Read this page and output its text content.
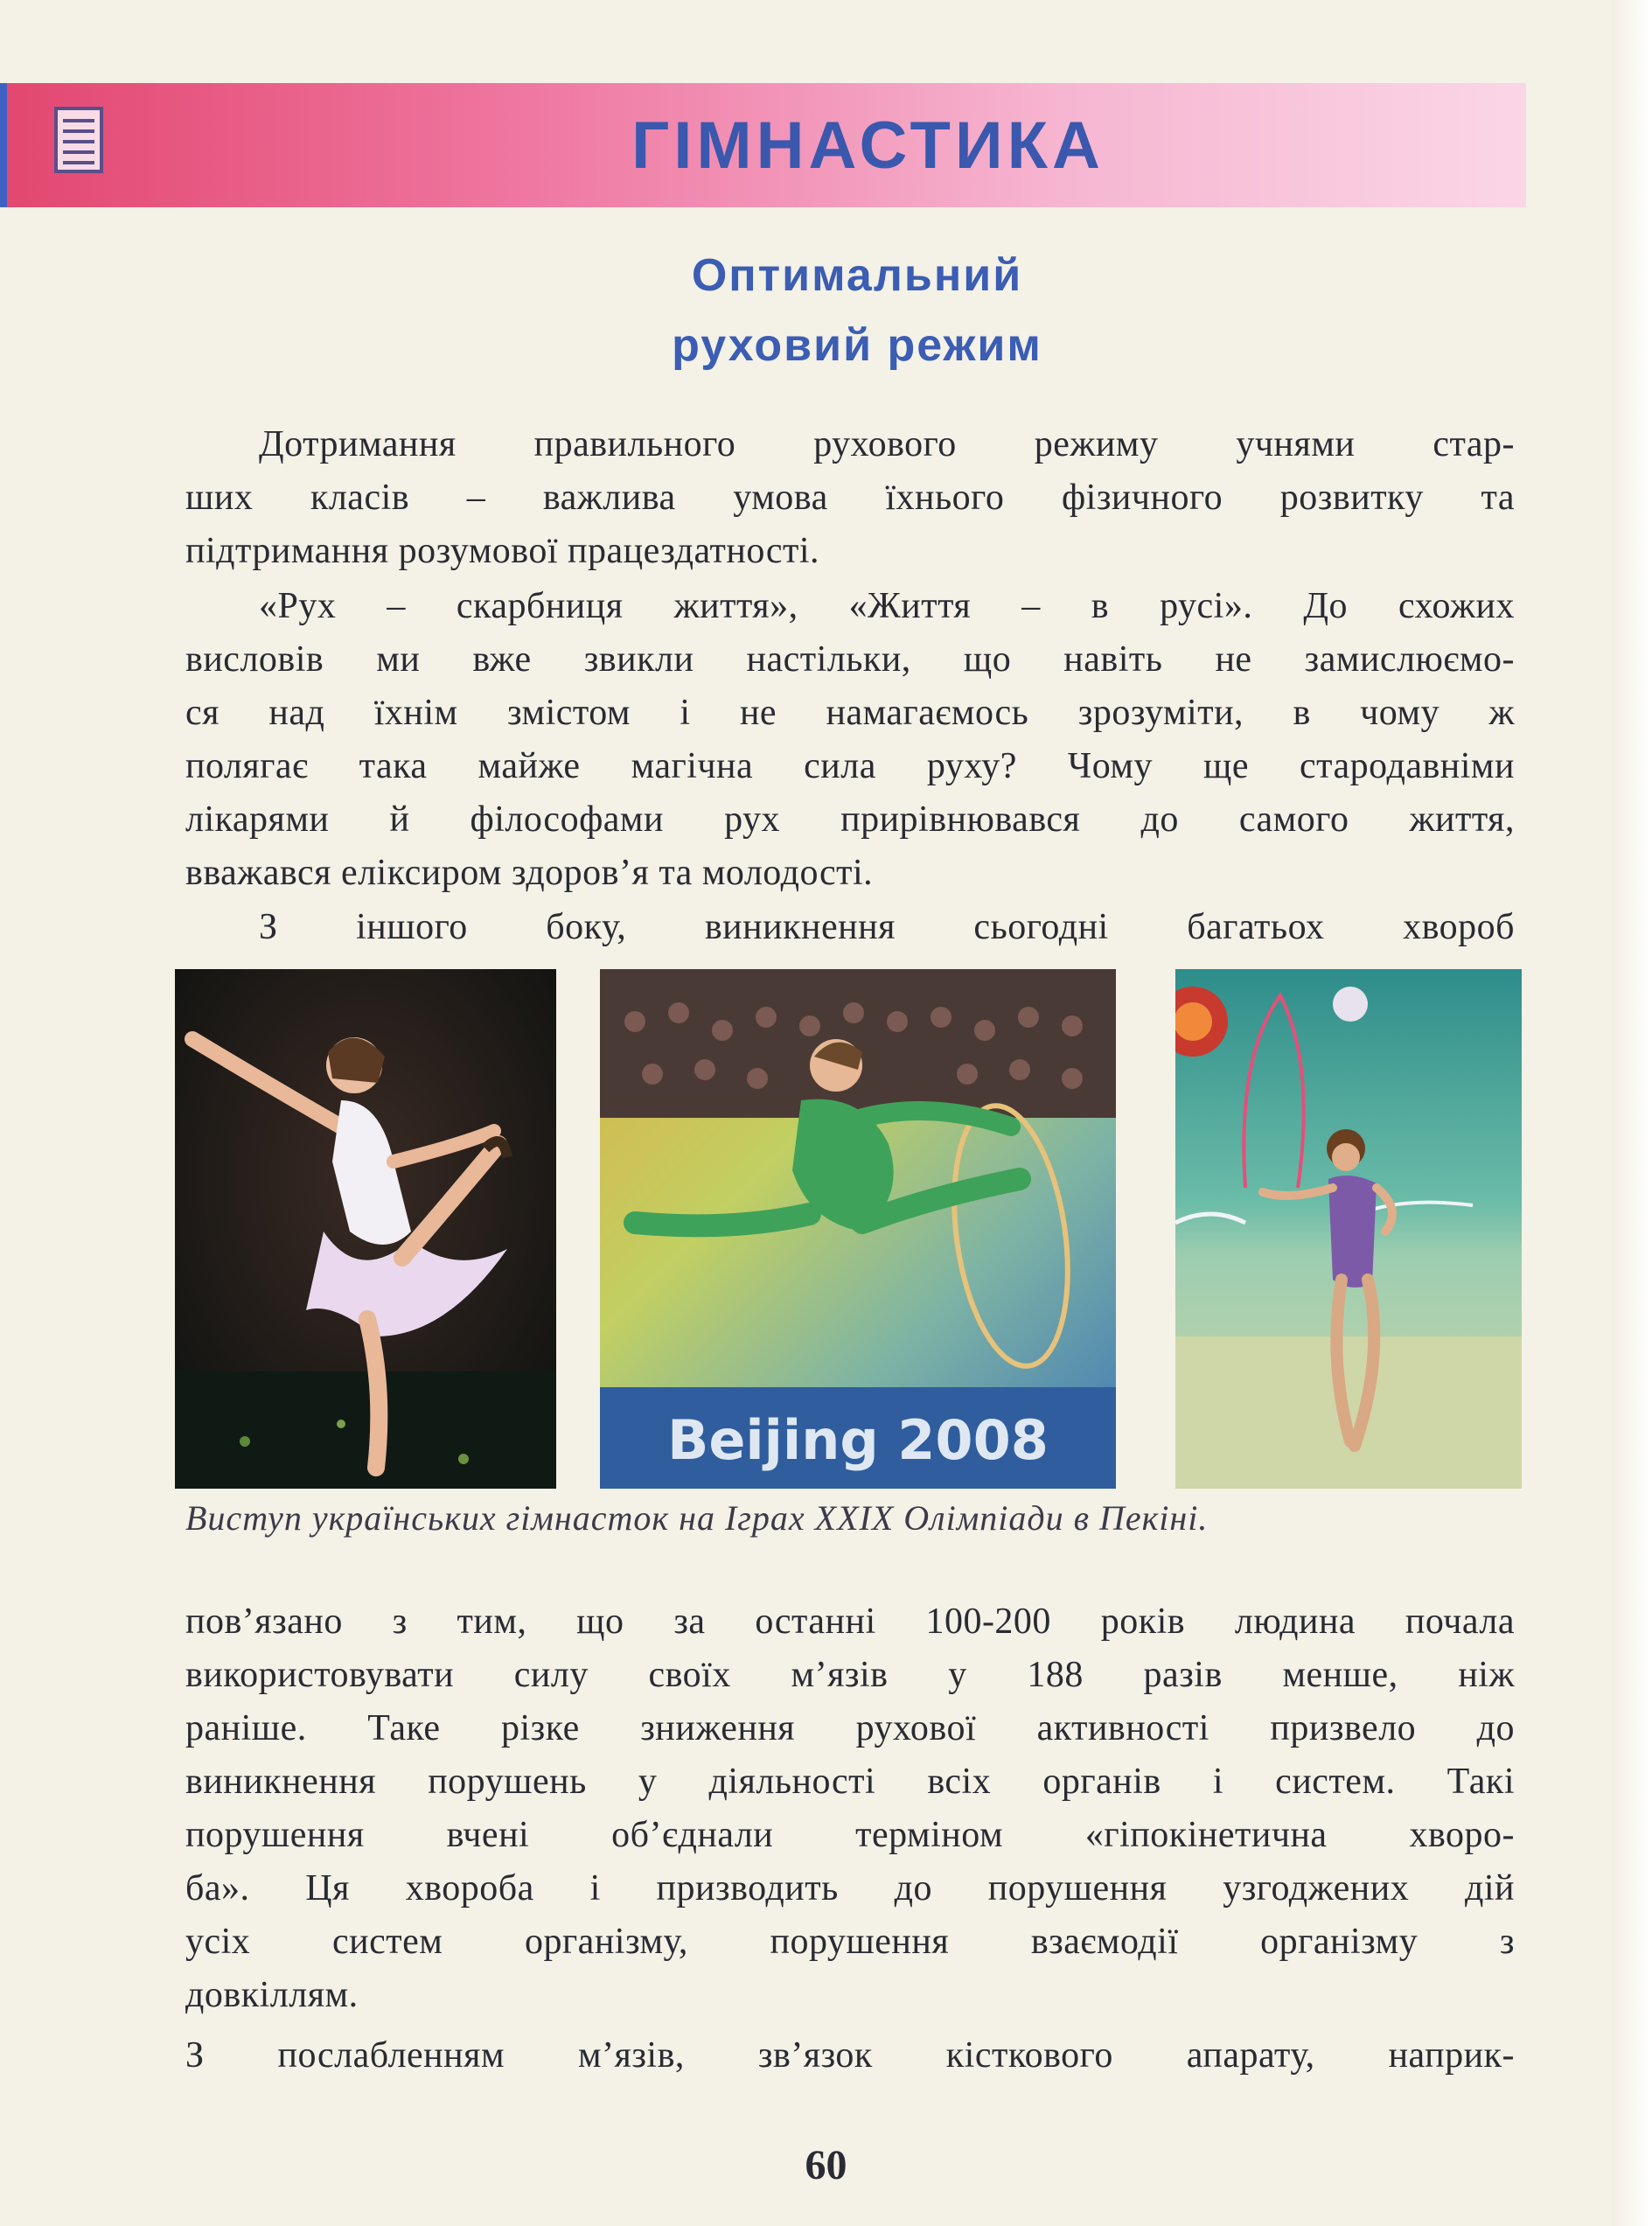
ГІМНАСТИКА
Оптимальний
руховий режим
Дотримання правильного рухового режиму учнями стар-
ших класів – важлива умова їхнього фізичного розвитку та
підтримання розумової працездатності.
«Рух – скарбниця життя», «Життя – в русі». До схожих
висловів ми вже звикли настільки, що навіть не замислюємо-
ся над їхнім змістом і не намагаємось зрозуміти, в чому ж
полягає така майже магічна сила руху? Чому ще стародавніми
лікарями й філософами рух прирівнювався до самого життя,
вважався еліксиром здоров’я та молодості.
З іншого боку, виникнення сьогодні багатьох хвороб
Beijing 2008
Виступ українських гімнасток на Іграх XXIX Олімпіади в Пекіні.
пов’язано з тим, що за останні 100-200 років людина почала
використовувати силу своїх м’язів у 188 разів менше, ніж
раніше. Таке різке зниження рухової активності призвело до
виникнення порушень у діяльності всіх органів і систем. Такі
порушення вчені об’єднали терміном «гіпокінетична хворо-
ба». Ця хвороба і призводить до порушення узгоджених дій
усіх систем організму, порушення взаємодії організму з
довкіллям.
З послабленням м’язів, зв’язок кісткового апарату, наприк-
60
